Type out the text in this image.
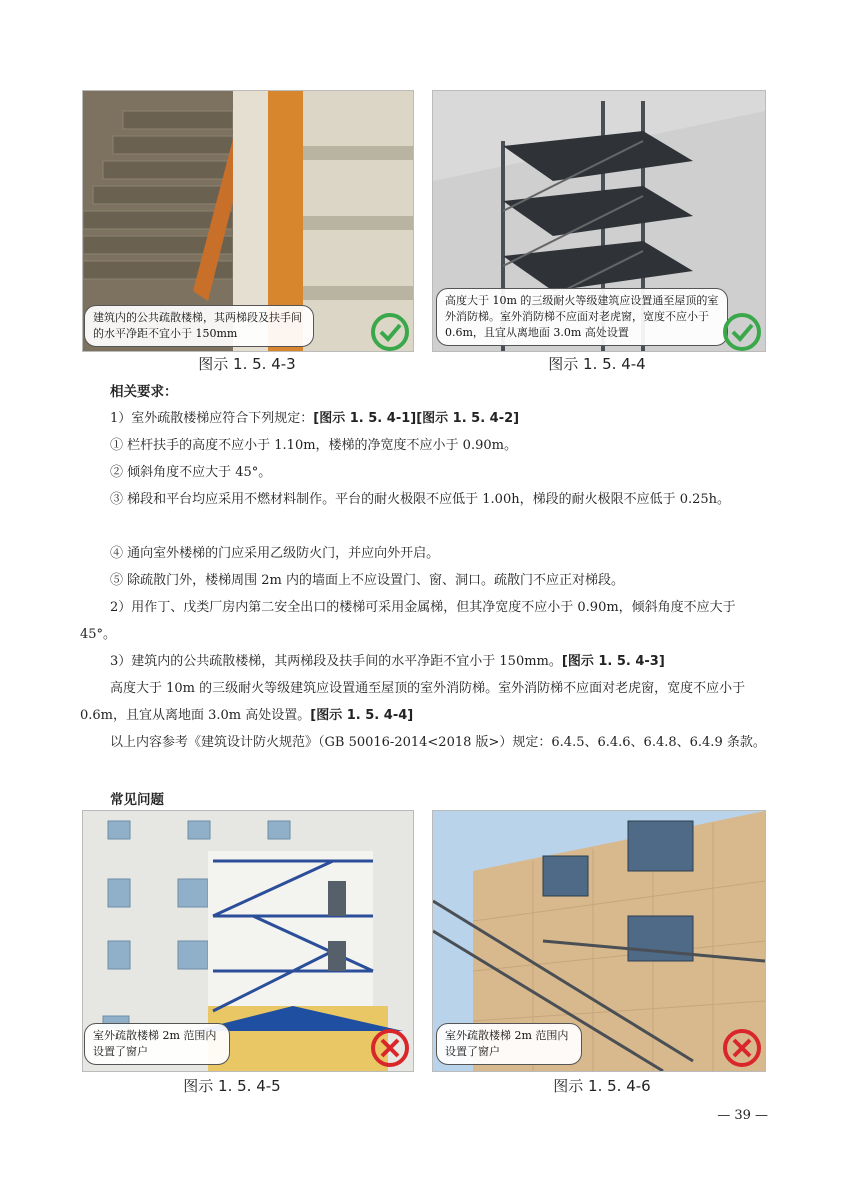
建筑内的公共疏散楼梯，其两梯段及扶手间的水平净距不宜小于 150mm
图示 1. 5. 4-3
高度大于 10m 的三级耐火等级建筑应设置通至屋顶的室外消防梯。室外消防梯不应面对老虎窗，宽度不应小于 0.6m，且宜从离地面 3.0m 高处设置
图示 1. 5. 4-4
相关要求：
1）室外疏散楼梯应符合下列规定：[图示 1. 5. 4-1][图示 1. 5. 4-2]
① 栏杆扶手的高度不应小于 1.10m，楼梯的净宽度不应小于 0.90m。
② 倾斜角度不应大于 45°。
③ 梯段和平台均应采用不燃材料制作。平台的耐火极限不应低于 1.00h，梯段的耐火极限不应低于 0.25h。
④ 通向室外楼梯的门应采用乙级防火门，并应向外开启。
⑤ 除疏散门外，楼梯周围 2m 内的墙面上不应设置门、窗、洞口。疏散门不应正对梯段。
2）用作丁、戊类厂房内第二安全出口的楼梯可采用金属梯，但其净宽度不应小于 0.90m，倾斜角度不应大于 45°。
3）建筑内的公共疏散楼梯，其两梯段及扶手间的水平净距不宜小于 150mm。[图示 1. 5. 4-3]
高度大于 10m 的三级耐火等级建筑应设置通至屋顶的室外消防梯。室外消防梯不应面对老虎窗，宽度不应小于 0.6m，且宜从离地面 3.0m 高处设置。[图示 1. 5. 4-4]
以上内容参考《建筑设计防火规范》（GB 50016-2014<2018 版>）规定：6.4.5、6.4.6、6.4.8、6.4.9 条款。
常见问题
室外疏散楼梯 2m 范围内设置了窗户
图示 1. 5. 4-5
室外疏散楼梯 2m 范围内设置了窗户
图示 1. 5. 4-6
— 39 —
